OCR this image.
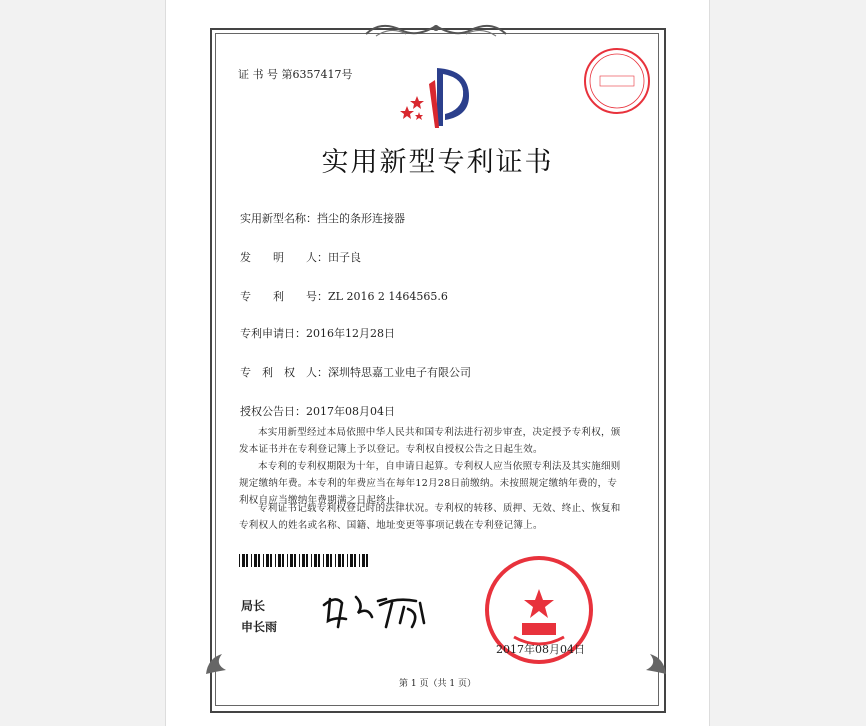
证 书 号 第6357417号
实用新型专利证书
实用新型名称：挡尘的条形连接器
发　　明　　人：田子良
专　　利　　号：ZL 2016 2 1464565.6
专利申请日：2016年12月28日
专　利　权　人：深圳特思嘉工业电子有限公司
授权公告日：2017年08月04日
本实用新型经过本局依照中华人民共和国专利法进行初步审查，决定授予专利权，颁发本证书并在专利登记簿上予以登记。专利权自授权公告之日起生效。
本专利的专利权期限为十年，自申请日起算。专利权人应当依照专利法及其实施细则规定缴纳年费。本专利的年费应当在每年12月28日前缴纳。未按照规定缴纳年费的，专利权自应当缴纳年费期满之日起终止。
专利证书记载专利权登记时的法律状况。专利权的转移、质押、无效、终止、恢复和专利权人的姓名或名称、国籍、地址变更等事项记载在专利登记簿上。
局长
申长雨
2017年08月04日
第 1 页（共 1 页）
